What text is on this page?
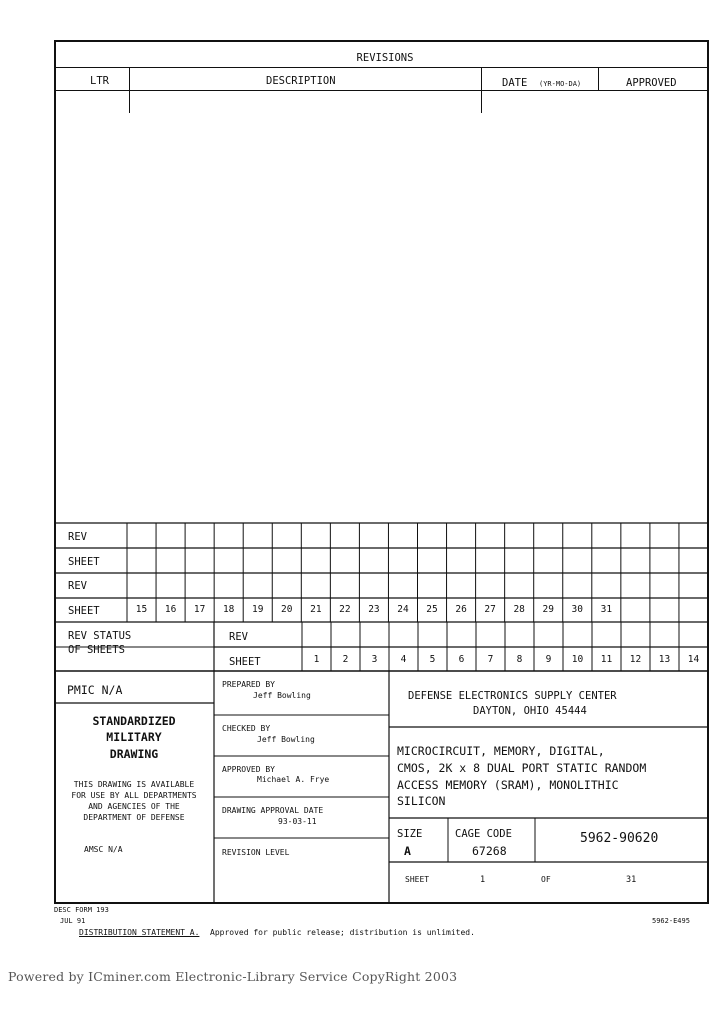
REVISIONS
LTR	DESCRIPTION	DATE (YR-MO-DA)	APPROVED
REV
SHEET
REV
SHEET	15	16	17	18	19	20	21	22	23	24	25	26	27	28	29	30	31
REV STATUS
OF SHEETS
REV
SHEET	1	2	3	4	5	6	7	8	9	10	11	12	13	14
PMIC N/A
STANDARDIZED
MILITARY
DRAWING
THIS DRAWING IS AVAILABLE
FOR USE BY ALL DEPARTMENTS
AND AGENCIES OF THE
DEPARTMENT OF DEFENSE
AMSC N/A
PREPARED BY
Jeff Bowling
CHECKED BY
Jeff Bowling
APPROVED BY
Michael A. Frye
DRAWING APPROVAL DATE
93-03-11
REVISION LEVEL
DEFENSE ELECTRONICS SUPPLY CENTER
DAYTON, OHIO 45444
MICROCIRCUIT, MEMORY, DIGITAL,
CMOS, 2K x 8 DUAL PORT STATIC RANDOM
ACCESS MEMORY (SRAM), MONOLITHIC
SILICON
SIZE
A
CAGE CODE
67268
5962-90620
SHEET	1	OF	31
DESC FORM 193
JUL 91
DISTRIBUTION STATEMENT A. Approved for public release; distribution is unlimited.
5962-E495
Powered by ICminer.com Electronic-Library Service CopyRight 2003
